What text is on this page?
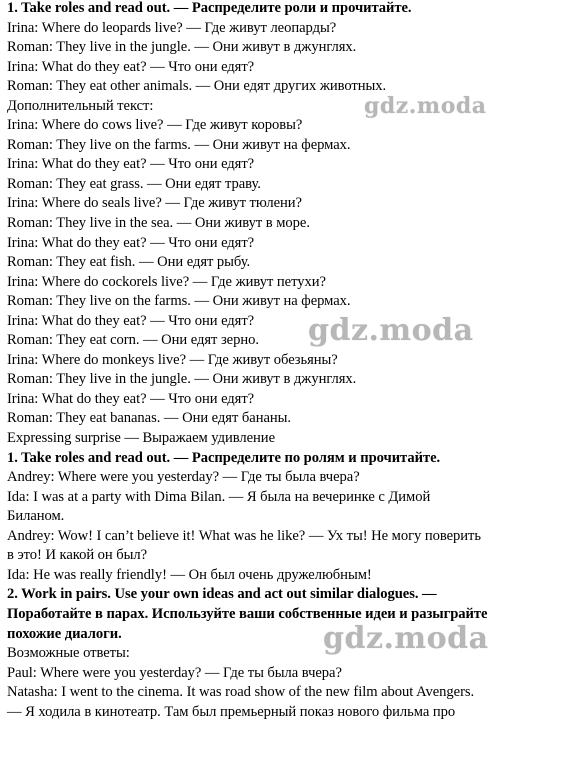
1. Take roles and read out. — Распределите роли и прочитайте.
Irina: Where do leopards live? — Где живут леопарды?
Roman: They live in the jungle. — Они живут в джунглях.
Irina: What do they eat? — Что они едят?
Roman: They eat other animals. — Они едят других животных.
Дополнительный текст:
Irina: Where do cows live? — Где живут коровы?
Roman: They live on the farms. — Они живут на фермах.
Irina: What do they eat? — Что они едят?
Roman: They eat grass. — Они едят траву.
Irina: Where do seals live? — Где живут тюлени?
Roman: They live in the sea. — Они живут в море.
Irina: What do they eat? — Что они едят?
Roman: They eat fish. — Они едят рыбу.
Irina: Where do cockorels live? — Где живут петухи?
Roman: They live on the farms. — Они живут на фермах.
Irina: What do they eat? — Что они едят?
Roman: They eat corn. — Они едят зерно.
Irina: Where do monkeys live? — Где живут обезьяны?
Roman: They live in the jungle. — Они живут в джунглях.
Irina: What do they eat? — Что они едят?
Roman: They eat bananas. — Они едят бананы.
Expressing surprise — Выражаем удивление
1. Take roles and read out. — Распределите по ролям и прочитайте.
Andrey: Where were you yesterday? — Где ты была вчера?
Ida: I was at a party with Dima Bilan. — Я была на вечеринке с Димой
Биланом.
Andrey: Wow! I can’t believe it! What was he like? — Ух ты! Не могу поверить
в это! И какой он был?
Ida: He was really friendly! — Он был очень дружелюбным!
2. Work in pairs. Use your own ideas and act out similar dialogues. —
Поработайте в парах. Используйте ваши собственные идеи и разыграйте
похожие диалоги.
Возможные ответы:
Paul: Where were you yesterday? — Где ты была вчера?
Natasha: I went to the cinema. It was road show of the new film about Avengers.
— Я ходила в кинотеатр. Там был премьерный показ нового фильма про
gdz.moda
gdz.moda
gdz.moda
